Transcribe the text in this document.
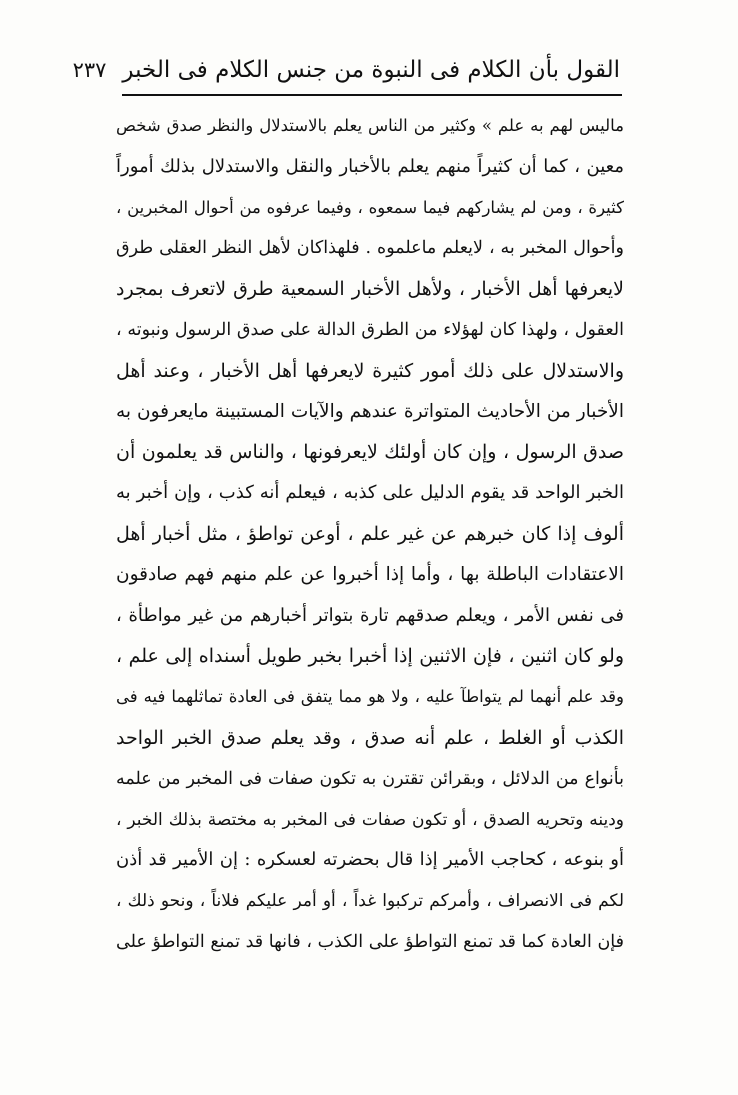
القول بأن الكلام فى النبوة من جنس الكلام فى الخبر
٢٣٧
ماليس لهم به علم » وكثير من الناس يعلم بالاستدلال والنظر صدق شخص
معين ، كما أن كثيراً منهم يعلم بالأخبار والنقل والاستدلال بذلك أموراً
كثيرة ، ومن لم يشاركهم فيما سمعوه ، وفيما عرفوه من أحوال المخبرين ،
وأحوال المخبر به ، لايعلم ماعلموه . فلهذاكان لأهل النظر العقلى طرق
لايعرفها أهل الأخبار ، ولأهل الأخبار السمعية طرق لاتعرف بمجرد
العقول ، ولهذا كان لهؤلاء من الطرق الدالة على صدق الرسول ونبوته ،
والاستدلال على ذلك أمور كثيرة لايعرفها أهل الأخبار ، وعند أهل
الأخبار من الأحاديث المتواترة عندهم والآيات المستبينة مايعرفون به
صدق الرسول ، وإن كان أولئك لايعرفونها ، والناس قد يعلمون أن
الخبر الواحد قد يقوم الدليل على كذبه ، فيعلم أنه كذب ، وإن أخبر به
ألوف إذا كان خبرهم عن غير علم ، أوعن تواطؤ ، مثل أخبار أهل
الاعتقادات الباطلة بها ، وأما إذا أخبروا عن علم منهم فهم صادقون
فى نفس الأمر ، ويعلم صدقهم تارة بتواتر أخبارهم من غير مواطأة ،
ولو كان اثنين ، فإن الاثنين إذا أخبرا بخبر طويل أسنداه إلى علم ،
وقد علم أنهما لم يتواطآ عليه ، ولا هو مما يتفق فى العادة تماثلهما فيه فى
الكذب أو الغلط ، علم أنه صدق ، وقد يعلم صدق الخبر الواحد
بأنواع من الدلائل ، وبقرائن تقترن به تكون صفات فى المخبر من علمه
ودينه وتحريه الصدق ، أو تكون صفات فى المخبر به مختصة بذلك الخبر ،
أو بنوعه ، كحاجب الأمير إذا قال بحضرته لعسكره : إن الأمير قد أذن
لكم فى الانصراف ، وأمركم تركبوا غداً ، أو أمر عليكم فلاناً ، ونحو ذلك ،
فإن العادة كما قد تمنع التواطؤ على الكذب ، فانها قد تمنع التواطؤ على
